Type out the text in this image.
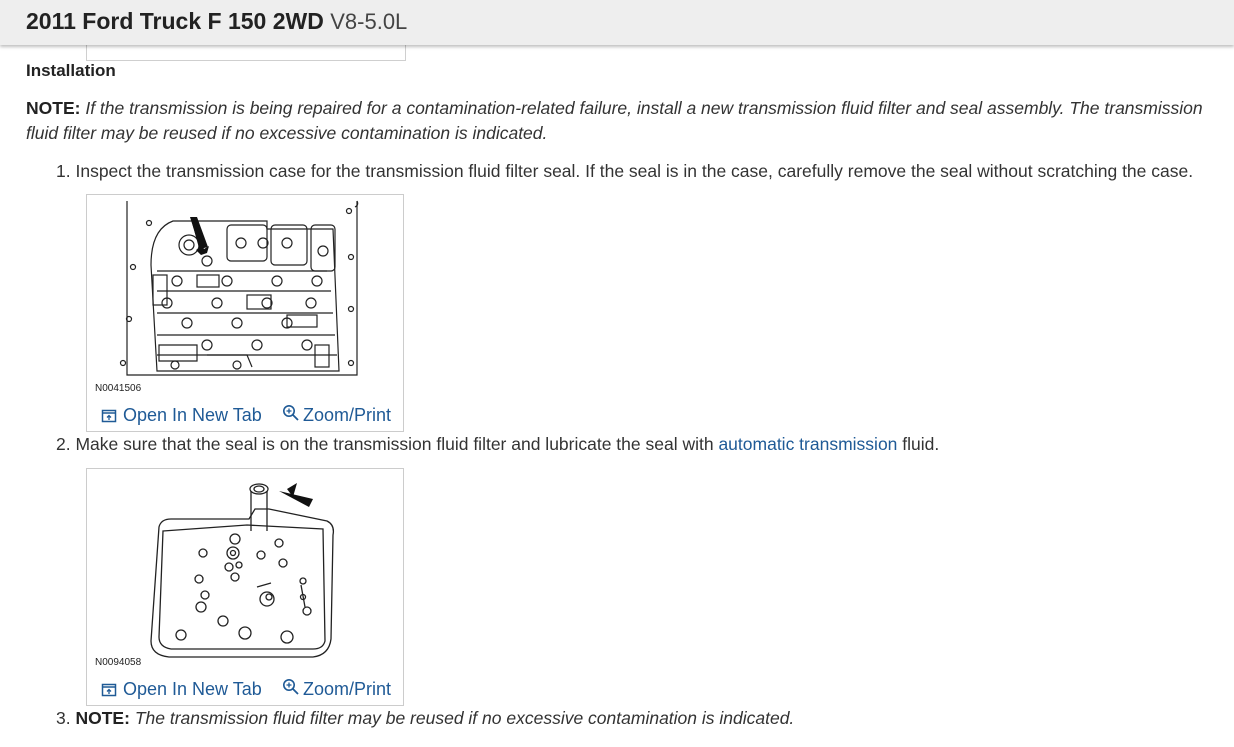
2011 Ford Truck F 150 2WD V8-5.0L
Installation
NOTE: If the transmission is being repaired for a contamination-related failure, install a new transmission fluid filter and seal assembly. The transmission fluid filter may be reused if no excessive contamination is indicated.
1. Inspect the transmission case for the transmission fluid filter seal. If the seal is in the case, carefully remove the seal without scratching the case.
N0041506
Open In New Tab Zoom/Print
2. Make sure that the seal is on the transmission fluid filter and lubricate the seal with automatic transmission fluid.
N0094058
Open In New Tab Zoom/Print
3. NOTE: The transmission fluid filter may be reused if no excessive contamination is indicated.
